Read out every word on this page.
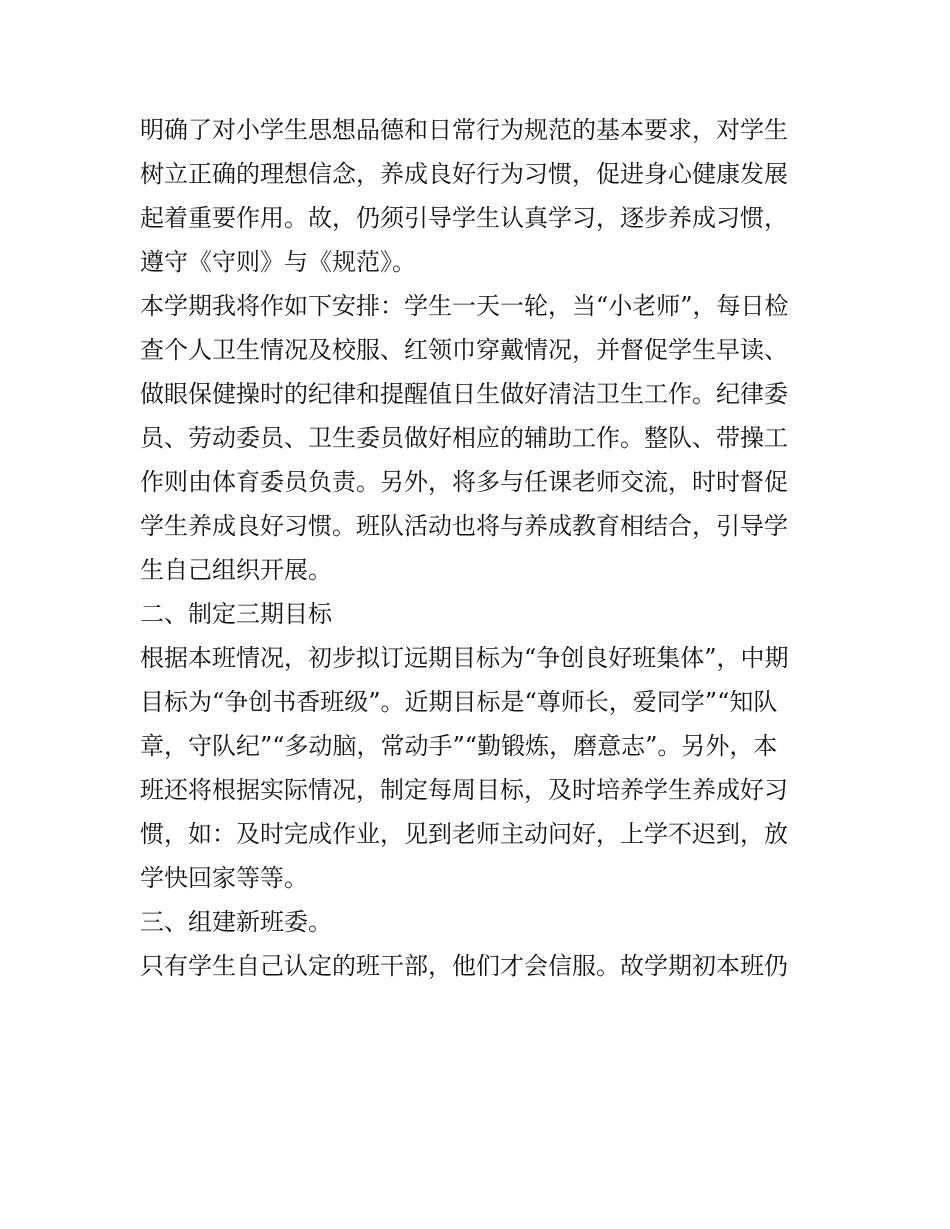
明确了对小学生思想品德和日常行为规范的基本要求，对学生
树立正确的理想信念，养成良好行为习惯，促进身心健康发展
起着重要作用。故，仍须引导学生认真学习，逐步养成习惯，
遵守《守则》与《规范》。
本学期我将作如下安排：学生一天一轮，当“小老师”，每日检
查个人卫生情况及校服、红领巾穿戴情况，并督促学生早读、
做眼保健操时的纪律和提醒值日生做好清洁卫生工作。纪律委
员、劳动委员、卫生委员做好相应的辅助工作。整队、带操工
作则由体育委员负责。另外，将多与任课老师交流，时时督促
学生养成良好习惯。班队活动也将与养成教育相结合，引导学
生自己组织开展。
二、制定三期目标
根据本班情况，初步拟订远期目标为“争创良好班集体”，中期
目标为“争创书香班级”。近期目标是“尊师长，爱同学”“知队
章，守队纪”“多动脑，常动手”“勤锻炼，磨意志”。另外，本
班还将根据实际情况，制定每周目标，及时培养学生养成好习
惯，如：及时完成作业，见到老师主动问好，上学不迟到，放
学快回家等等。
三、组建新班委。
只有学生自己认定的班干部，他们才会信服。故学期初本班仍
